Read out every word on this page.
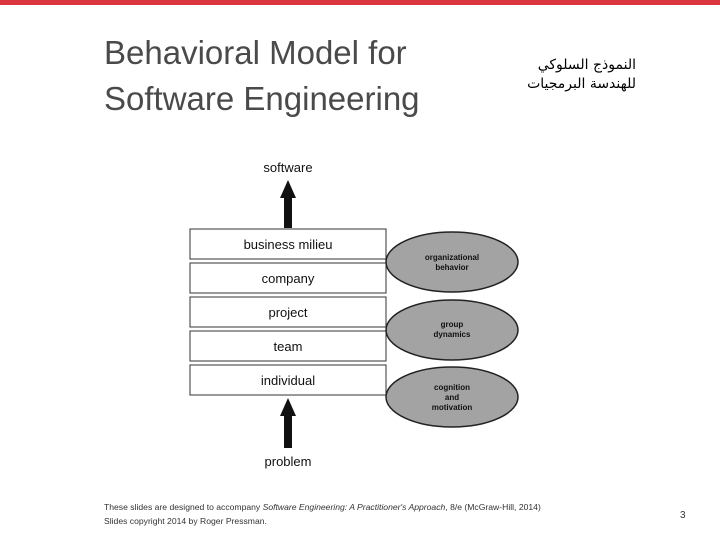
Behavioral Model for
Software Engineering
النموذج السلوكي
للهندسة البرمجيات
software
business milieu
company
project
team
individual
organizational
behavior
group
dynamics
cognition
and
motivation
problem
These slides are designed to accompany Software Engineering: A Practitioner's Approach, 8/e (McGraw-Hill, 2014) Slides copyright 2014 by Roger Pressman.	3
